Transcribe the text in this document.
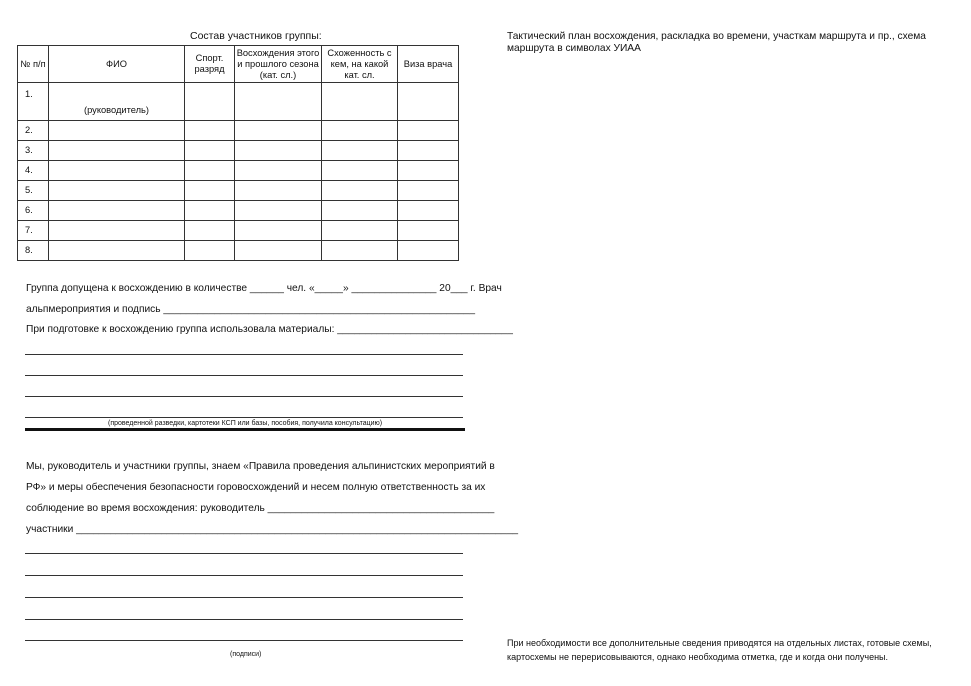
Состав участников группы:
№ п/п	ФИО	Спорт. разряд	Восхождения этого и прошлого сезона (кат. сл.)	Схоженность с кем, на какой кат. сл.	Виза врача
1.	(руководитель)				
2.					
3.					
4.					
5.					
6.					
7.					
8.					
Группа допущена к восхождению в количестве ______ чел. «_____» _______________ 20___ г. Врач
альпмероприятия и подпись _______________________________________________________
При подготовке к восхождению группа использовала материалы: _______________________________
(проведенной разведки, картотеки КСП или базы, пособия, получила консультацию)
Мы, руководитель и участники группы, знаем «Правила проведения альпинистских мероприятий в
РФ» и меры обеспечения безопасности горовосхождений и несем полную ответственность за их
соблюдение во время восхождения: руководитель ________________________________________
участники ______________________________________________________________________________
(подписи)
Тактический план восхождения, раскладка во времени, участкам маршрута и пр., схема маршрута в символах УИАА
При необходимости все дополнительные сведения приводятся на отдельных листах, готовые схемы,
картосхемы не перерисовываются, однако необходима отметка, где и когда они получены.
